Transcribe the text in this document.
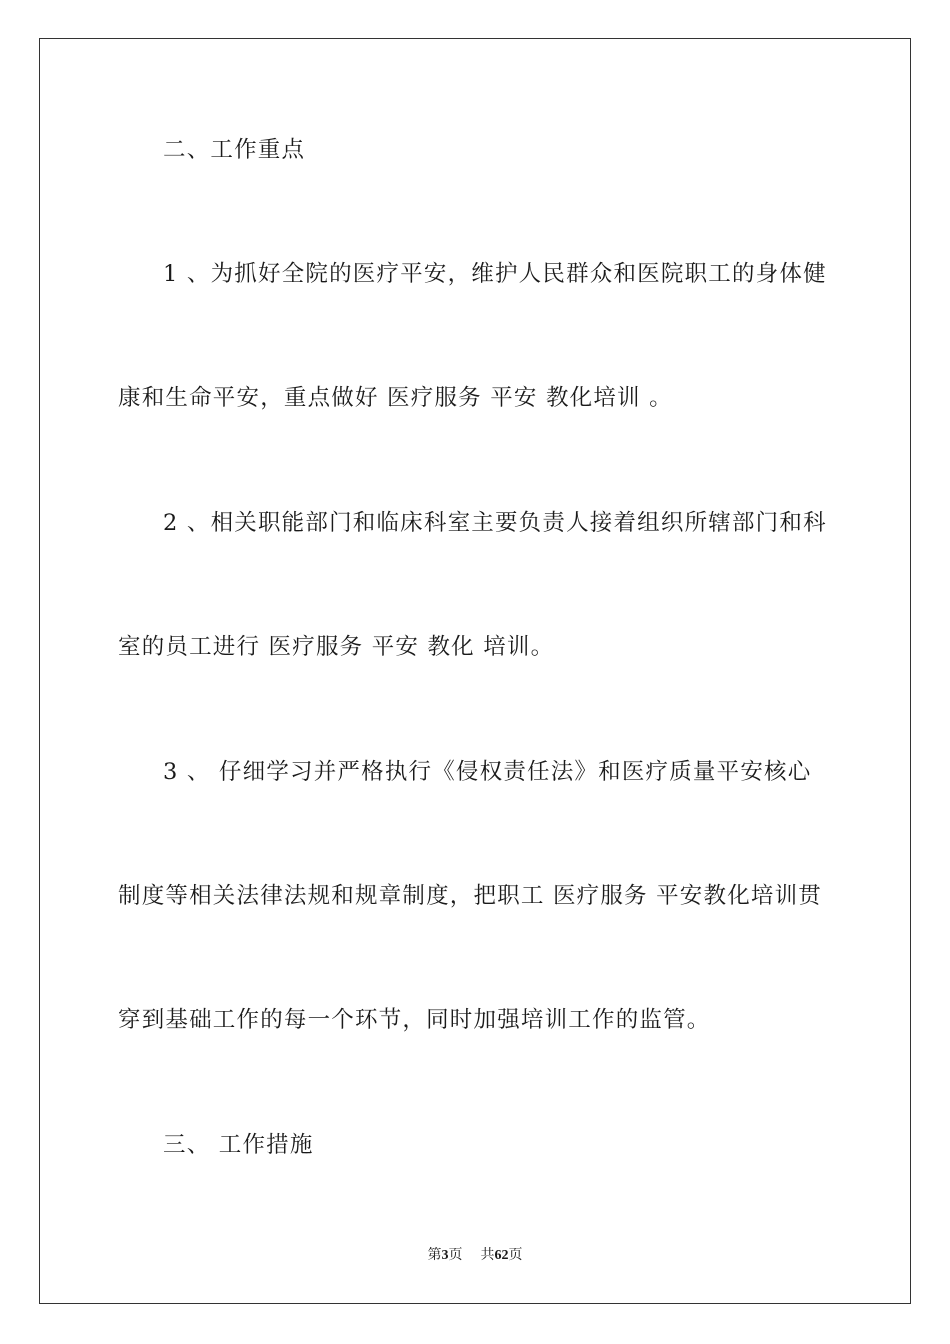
二、工作重点
1 、为抓好全院的医疗平安，维护人民群众和医院职工的身体健
康和生命平安，重点做好 医疗服务 平安 教化培训 。
2 、相关职能部门和临床科室主要负责人接着组织所辖部门和科
室的员工进行 医疗服务 平安 教化 培训。
3 、 仔细学习并严格执行《侵权责任法》和医疗质量平安核心
制度等相关法律法规和规章制度，把职工 医疗服务 平安教化培训贯
穿到基础工作的每一个环节，同时加强培训工作的监管。
三、 工作措施
第3页 共62页
